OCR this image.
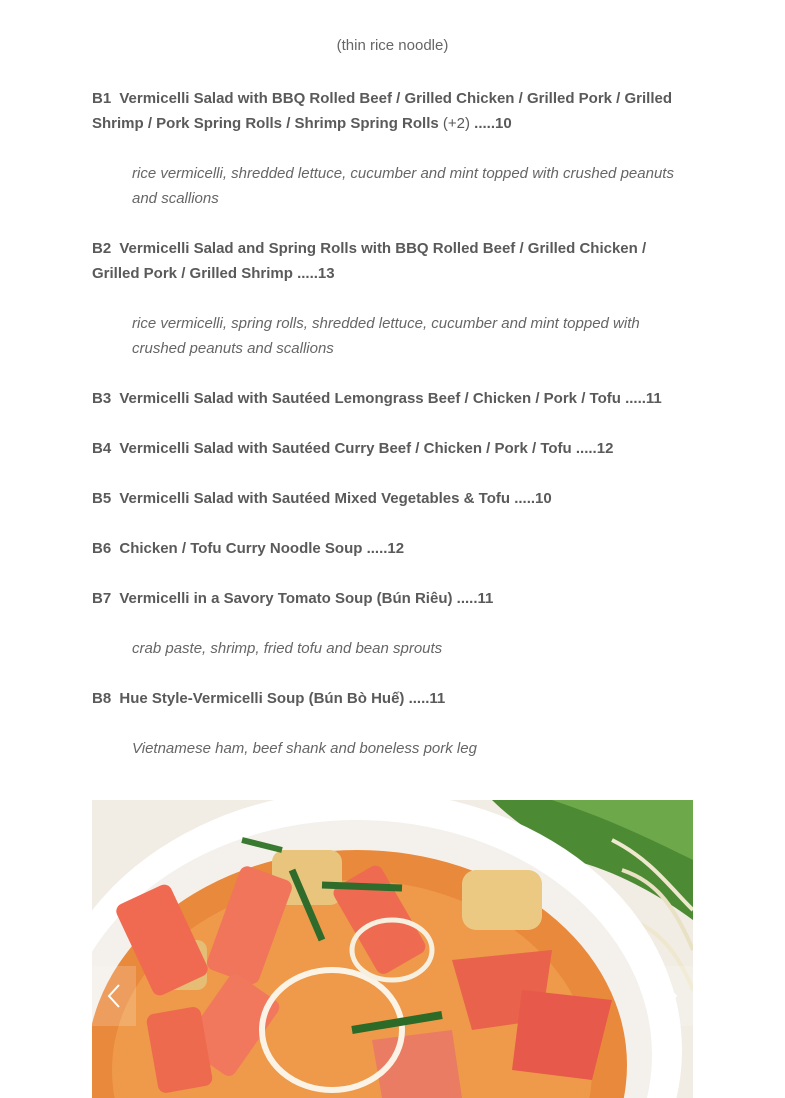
(thin rice noodle)
B1 Vermicelli Salad with BBQ Rolled Beef / Grilled Chicken / Grilled Pork / Grilled Shrimp / Pork Spring Rolls / Shrimp Spring Rolls (+2) .....10
rice vermicelli, shredded lettuce, cucumber and mint topped with crushed peanuts and scallions
B2 Vermicelli Salad and Spring Rolls with BBQ Rolled Beef / Grilled Chicken / Grilled Pork / Grilled Shrimp .....13
rice vermicelli, spring rolls, shredded lettuce, cucumber and mint topped with crushed peanuts and scallions
B3 Vermicelli Salad with Sautéed Lemongrass Beef / Chicken / Pork / Tofu .....11
B4 Vermicelli Salad with Sautéed Curry Beef / Chicken / Pork / Tofu .....12
B5 Vermicelli Salad with Sautéed Mixed Vegetables & Tofu .....10
B6 Chicken / Tofu Curry Noodle Soup .....12
B7 Vermicelli in a Savory Tomato Soup (Bún Riêu) .....11
crab paste, shrimp, fried tofu and bean sprouts
B8 Hue Style-Vermicelli Soup (Bún Bò Huế) .....11
Vietnamese ham, beef shank and boneless pork leg
